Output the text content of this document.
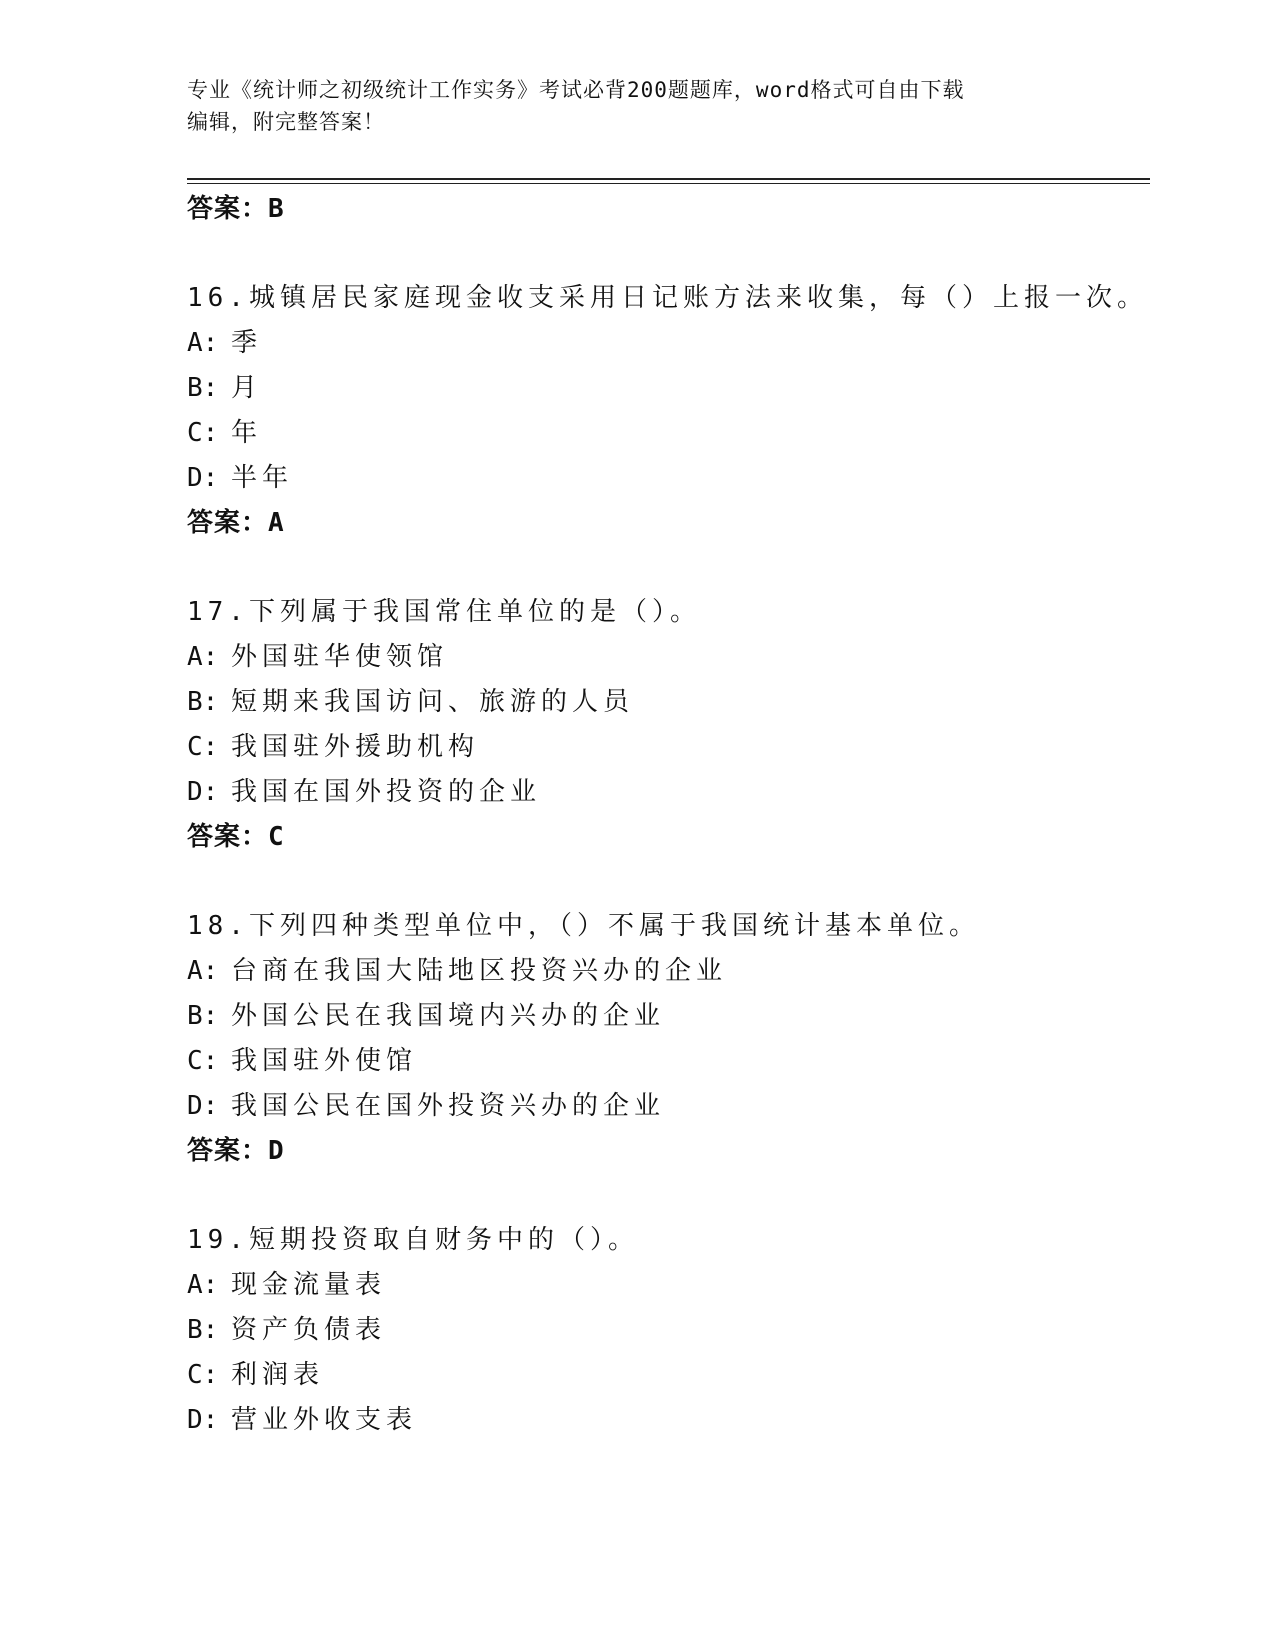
专业《统计师之初级统计工作实务》考试必背200题题库，word格式可自由下载
编辑，附完整答案！
答案：B
16.城镇居民家庭现金收支采用日记账方法来收集，每（）上报一次。
A: 季
B: 月
C: 年
D: 半年
答案：A
17.下列属于我国常住单位的是（）。
A: 外国驻华使领馆
B: 短期来我国访问、旅游的人员
C: 我国驻外援助机构
D: 我国在国外投资的企业
答案：C
18.下列四种类型单位中，（）不属于我国统计基本单位。
A: 台商在我国大陆地区投资兴办的企业
B: 外国公民在我国境内兴办的企业
C: 我国驻外使馆
D: 我国公民在国外投资兴办的企业
答案：D
19.短期投资取自财务中的（）。
A: 现金流量表
B: 资产负债表
C: 利润表
D: 营业外收支表
